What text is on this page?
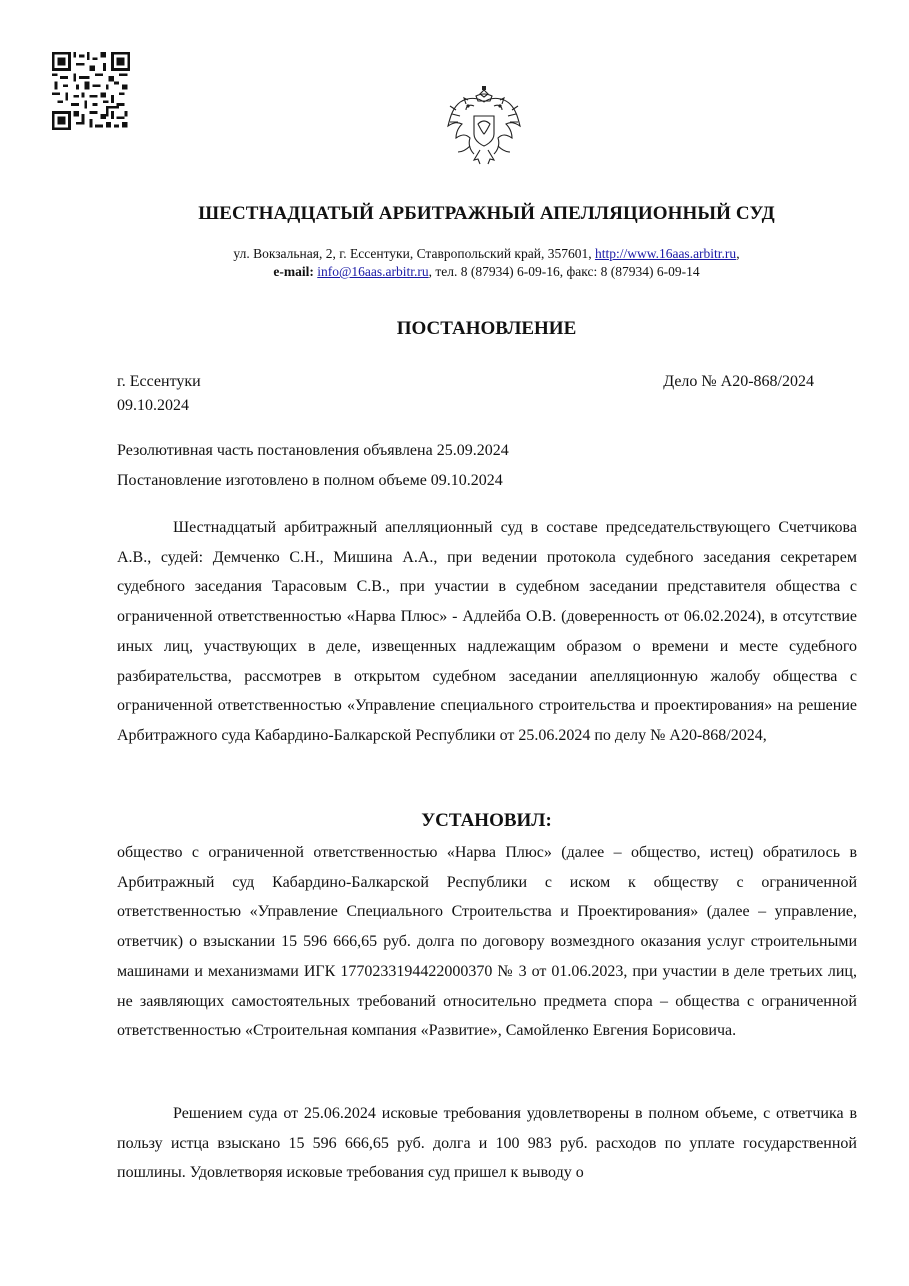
ШЕСТНАДЦАТЫЙ АРБИТРАЖНЫЙ АПЕЛЛЯЦИОННЫЙ СУД
ул. Вокзальная, 2, г. Ессентуки, Ставропольский край, 357601, http://www.16aas.arbitr.ru,
e-mail: info@16aas.arbitr.ru, тел. 8 (87934) 6-09-16, факс: 8 (87934) 6-09-14
ПОСТАНОВЛЕНИЕ
г. Ессентуки
09.10.2024
Дело № А20-868/2024
Резолютивная часть постановления объявлена 25.09.2024
Постановление изготовлено в полном объеме 09.10.2024
Шестнадцатый арбитражный апелляционный суд в составе председательствующего Счетчикова А.В., судей: Демченко С.Н., Мишина А.А., при ведении протокола судебного заседания секретарем судебного заседания Тарасовым С.В., при участии в судебном заседании представителя общества с ограниченной ответственностью «Нарва Плюс» - Адлейба О.В. (доверенность от 06.02.2024), в отсутствие иных лиц, участвующих в деле, извещенных надлежащим образом о времени и месте судебного разбирательства, рассмотрев в открытом судебном заседании апелляционную жалобу общества с ограниченной ответственностью «Управление специального строительства и проектирования» на решение Арбитражного суда Кабардино-Балкарской Республики от 25.06.2024 по делу № А20-868/2024,
УСТАНОВИЛ:
общество с ограниченной ответственностью «Нарва Плюс» (далее – общество, истец) обратилось в Арбитражный суд Кабардино-Балкарской Республики с иском к обществу с ограниченной ответственностью «Управление Специального Строительства и Проектирования» (далее – управление, ответчик) о взыскании 15 596 666,65 руб. долга по договору возмездного оказания услуг строительными машинами и механизмами ИГК 1770233194422000370 № 3 от 01.06.2023, при участии в деле третьих лиц, не заявляющих самостоятельных требований относительно предмета спора – общества с ограниченной ответственностью «Строительная компания «Развитие», Самойленко Евгения Борисовича.
Решением суда от 25.06.2024 исковые требования удовлетворены в полном объеме, с ответчика в пользу истца взыскано 15 596 666,65 руб. долга и 100 983 руб. расходов по уплате государственной пошлины. Удовлетворяя исковые требования суд пришел к выводу о
